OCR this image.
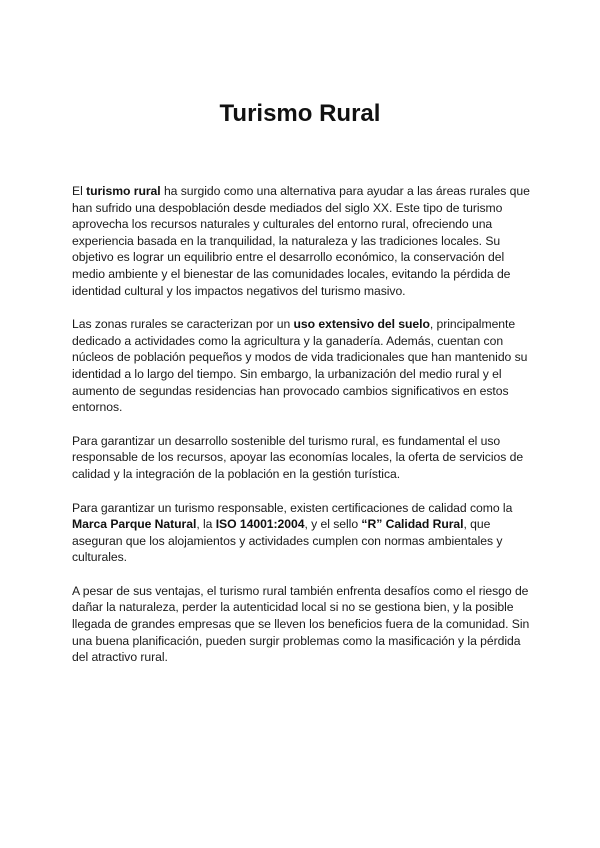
Turismo Rural

El turismo rural ha surgido como una alternativa para ayudar a las áreas rurales que han sufrido una despoblación desde mediados del siglo XX. Este tipo de turismo aprovecha los recursos naturales y culturales del entorno rural, ofreciendo una experiencia basada en la tranquilidad, la naturaleza y las tradiciones locales. Su objetivo es lograr un equilibrio entre el desarrollo económico, la conservación del medio ambiente y el bienestar de las comunidades locales, evitando la pérdida de identidad cultural y los impactos negativos del turismo masivo.

Las zonas rurales se caracterizan por un uso extensivo del suelo, principalmente dedicado a actividades como la agricultura y la ganadería. Además, cuentan con núcleos de población pequeños y modos de vida tradicionales que han mantenido su identidad a lo largo del tiempo. Sin embargo, la urbanización del medio rural y el aumento de segundas residencias han provocado cambios significativos en estos entornos.

Para garantizar un desarrollo sostenible del turismo rural, es fundamental el uso responsable de los recursos, apoyar las economías locales, la oferta de servicios de calidad y la integración de la población en la gestión turística.

Para garantizar un turismo responsable, existen certificaciones de calidad como la Marca Parque Natural, la ISO 14001:2004, y el sello “R” Calidad Rural, que aseguran que los alojamientos y actividades cumplen con normas ambientales y culturales.

A pesar de sus ventajas, el turismo rural también enfrenta desafíos como el riesgo de dañar la naturaleza, perder la autenticidad local si no se gestiona bien, y la posible llegada de grandes empresas que se lleven los beneficios fuera de la comunidad. Sin una buena planificación, pueden surgir problemas como la masificación y la pérdida del atractivo rural.
